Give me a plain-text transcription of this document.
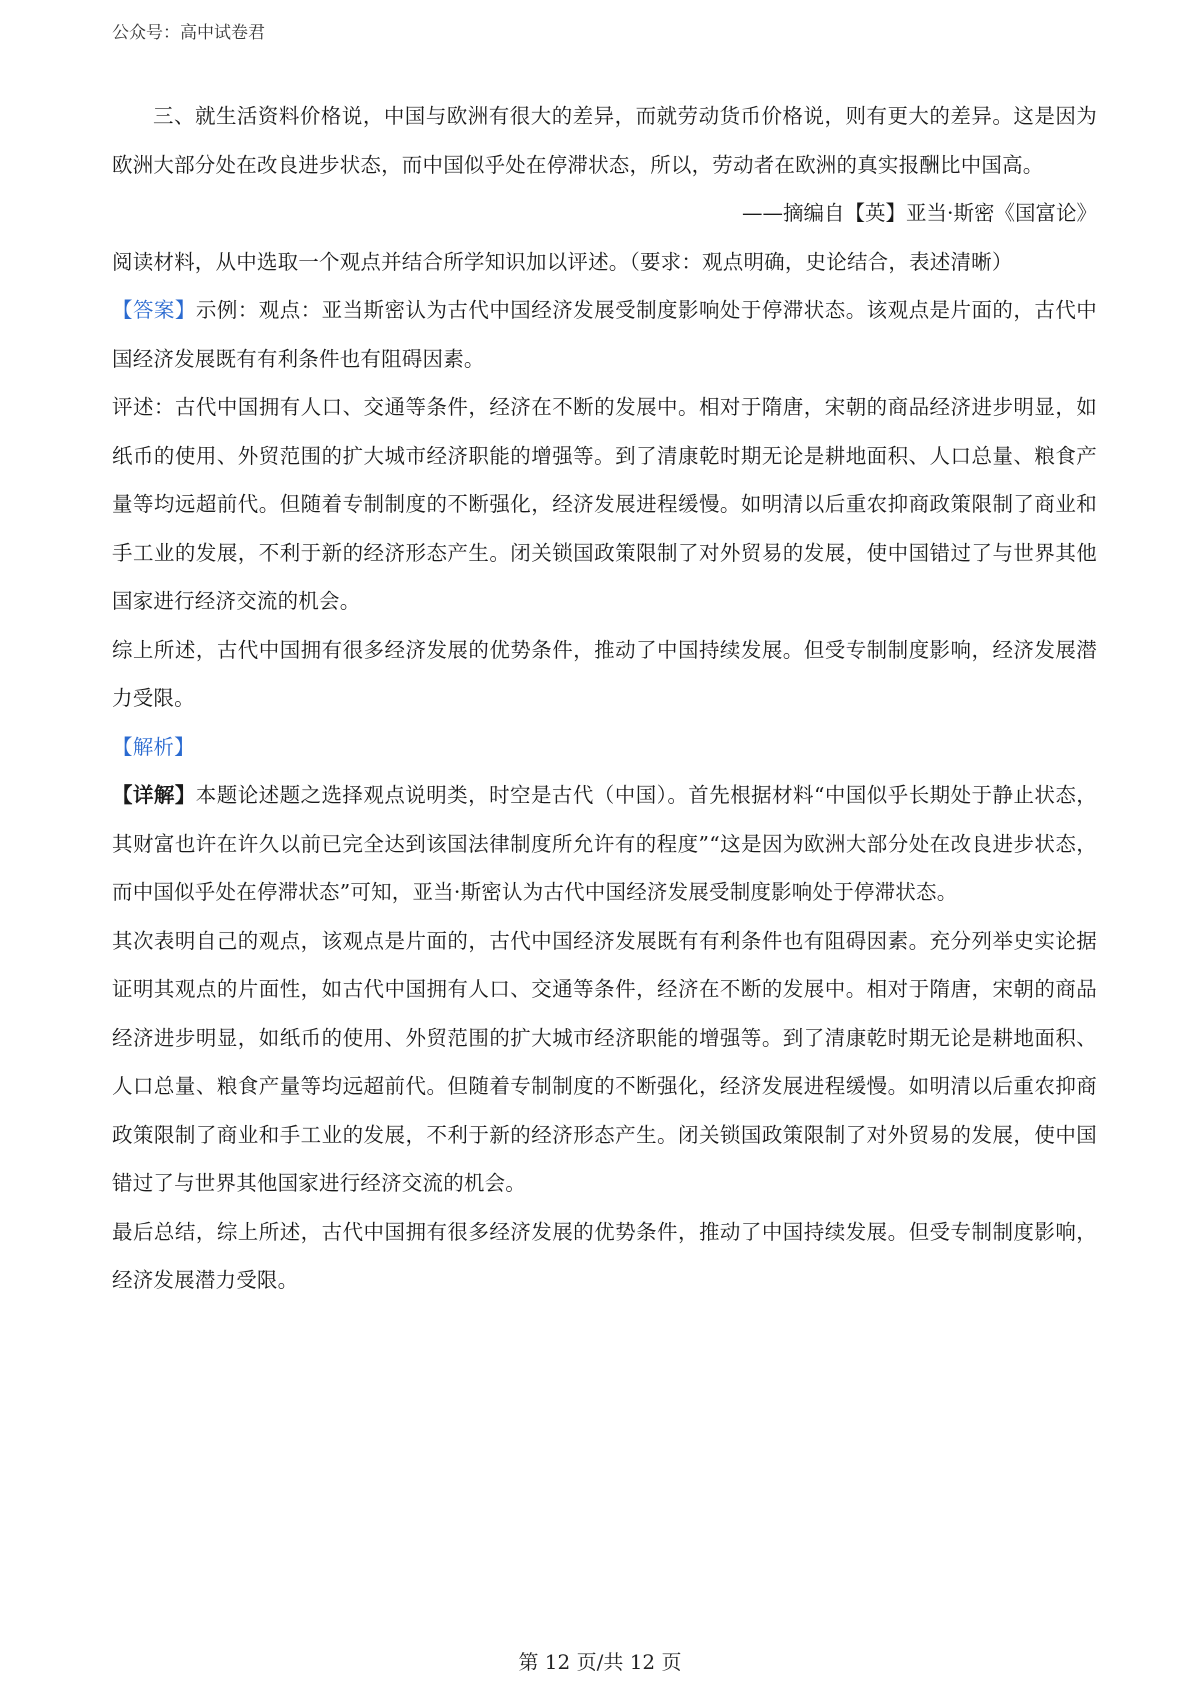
公众号：高中试卷君

三、就生活资料价格说，中国与欧洲有很大的差异，而就劳动货币价格说，则有更大的差异。这是因为欧洲大部分处在改良进步状态，而中国似乎处在停滞状态，所以，劳动者在欧洲的真实报酬比中国高。

——摘编自【英】亚当·斯密《国富论》

阅读材料，从中选取一个观点并结合所学知识加以评述。（要求：观点明确，史论结合，表述清晰）

【答案】示例：观点：亚当斯密认为古代中国经济发展受制度影响处于停滞状态。该观点是片面的，古代中国经济发展既有有利条件也有阻碍因素。

评述：古代中国拥有人口、交通等条件，经济在不断的发展中。相对于隋唐，宋朝的商品经济进步明显，如纸币的使用、外贸范围的扩大城市经济职能的增强等。到了清康乾时期无论是耕地面积、人口总量、粮食产量等均远超前代。但随着专制制度的不断强化，经济发展进程缓慢。如明清以后重农抑商政策限制了商业和手工业的发展，不利于新的经济形态产生。闭关锁国政策限制了对外贸易的发展，使中国错过了与世界其他国家进行经济交流的机会。

综上所述，古代中国拥有很多经济发展的优势条件，推动了中国持续发展。但受专制制度影响，经济发展潜力受限。

【解析】

【详解】本题论述题之选择观点说明类，时空是古代（中国）。首先根据材料“中国似乎长期处于静止状态，其财富也许在许久以前已完全达到该国法律制度所允许有的程度”“这是因为欧洲大部分处在改良进步状态，而中国似乎处在停滞状态”可知，亚当·斯密认为古代中国经济发展受制度影响处于停滞状态。

其次表明自己的观点，该观点是片面的，古代中国经济发展既有有利条件也有阻碍因素。充分列举史实论据证明其观点的片面性，如古代中国拥有人口、交通等条件，经济在不断的发展中。相对于隋唐，宋朝的商品经济进步明显，如纸币的使用、外贸范围的扩大城市经济职能的增强等。到了清康乾时期无论是耕地面积、人口总量、粮食产量等均远超前代。但随着专制制度的不断强化，经济发展进程缓慢。如明清以后重农抑商政策限制了商业和手工业的发展，不利于新的经济形态产生。闭关锁国政策限制了对外贸易的发展，使中国错过了与世界其他国家进行经济交流的机会。

最后总结，综上所述，古代中国拥有很多经济发展的优势条件，推动了中国持续发展。但受专制制度影响，经济发展潜力受限。

第 12 页/共 12 页
